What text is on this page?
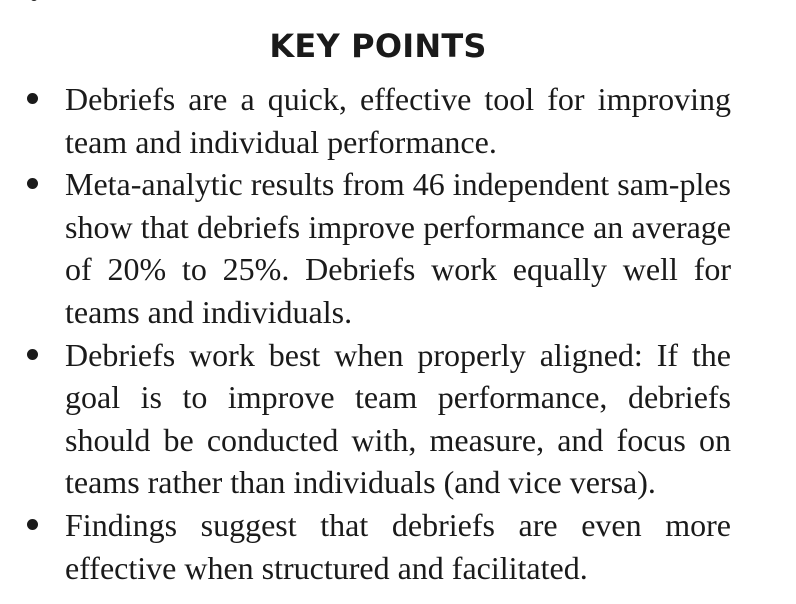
KEY POINTS
Debriefs are a quick, effective tool for improving team and individual performance.
Meta-analytic results from 46 independent sam-ples show that debriefs improve performance an average of 20% to 25%. Debriefs work equally well for teams and individuals.
Debriefs work best when properly aligned: If the goal is to improve team performance, debriefs should be conducted with, measure, and focus on teams rather than individuals (and vice versa).
Findings suggest that debriefs are even more effective when structured and facilitated.
